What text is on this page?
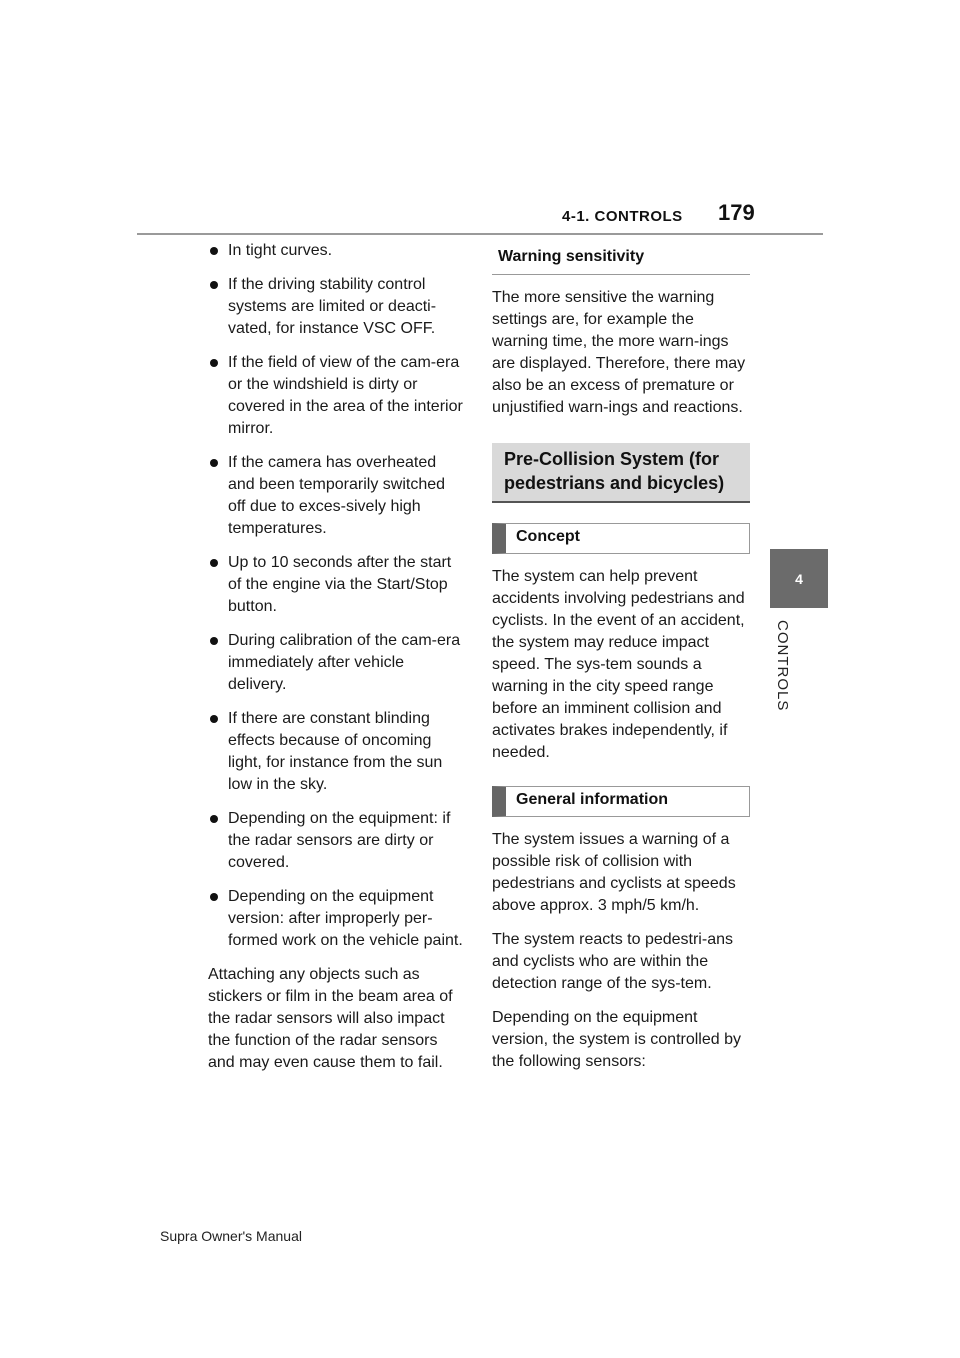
4-1. CONTROLS 179
4
CONTROLS

In tight curves.

If the driving stability control systems are limited or deacti-vated, for instance VSC OFF.

If the field of view of the cam-era or the windshield is dirty or covered in the area of the interior mirror.

If the camera has overheated and been temporarily switched off due to exces-sively high temperatures.

Up to 10 seconds after the start of the engine via the Start/Stop button.

During calibration of the cam-era immediately after vehicle delivery.

If there are constant blinding effects because of oncoming light, for instance from the sun low in the sky.

Depending on the equipment: if the radar sensors are dirty or covered.

Depending on the equipment version: after improperly per-formed work on the vehicle paint.

Attaching any objects such as stickers or film in the beam area of the radar sensors will also impact the function of the radar sensors and may even cause them to fail.

Warning sensitivity

The more sensitive the warning settings are, for example the warning time, the more warn-ings are displayed. Therefore, there may also be an excess of premature or unjustified warn-ings and reactions.

Pre-Collision System (for pedestrians and bicycles)
Concept

The system can help prevent accidents involving pedestrians and cyclists. In the event of an accident, the system may reduce impact speed. The sys-tem sounds a warning in the city speed range before an imminent collision and activates brakes independently, if needed.

General information

The system issues a warning of a possible risk of collision with pedestrians and cyclists at speeds above approx. 3 mph/5 km/h.

The system reacts to pedestri-ans and cyclists who are within the detection range of the sys-tem.

Depending on the equipment version, the system is controlled by the following sensors:

Supra Owner's Manual
